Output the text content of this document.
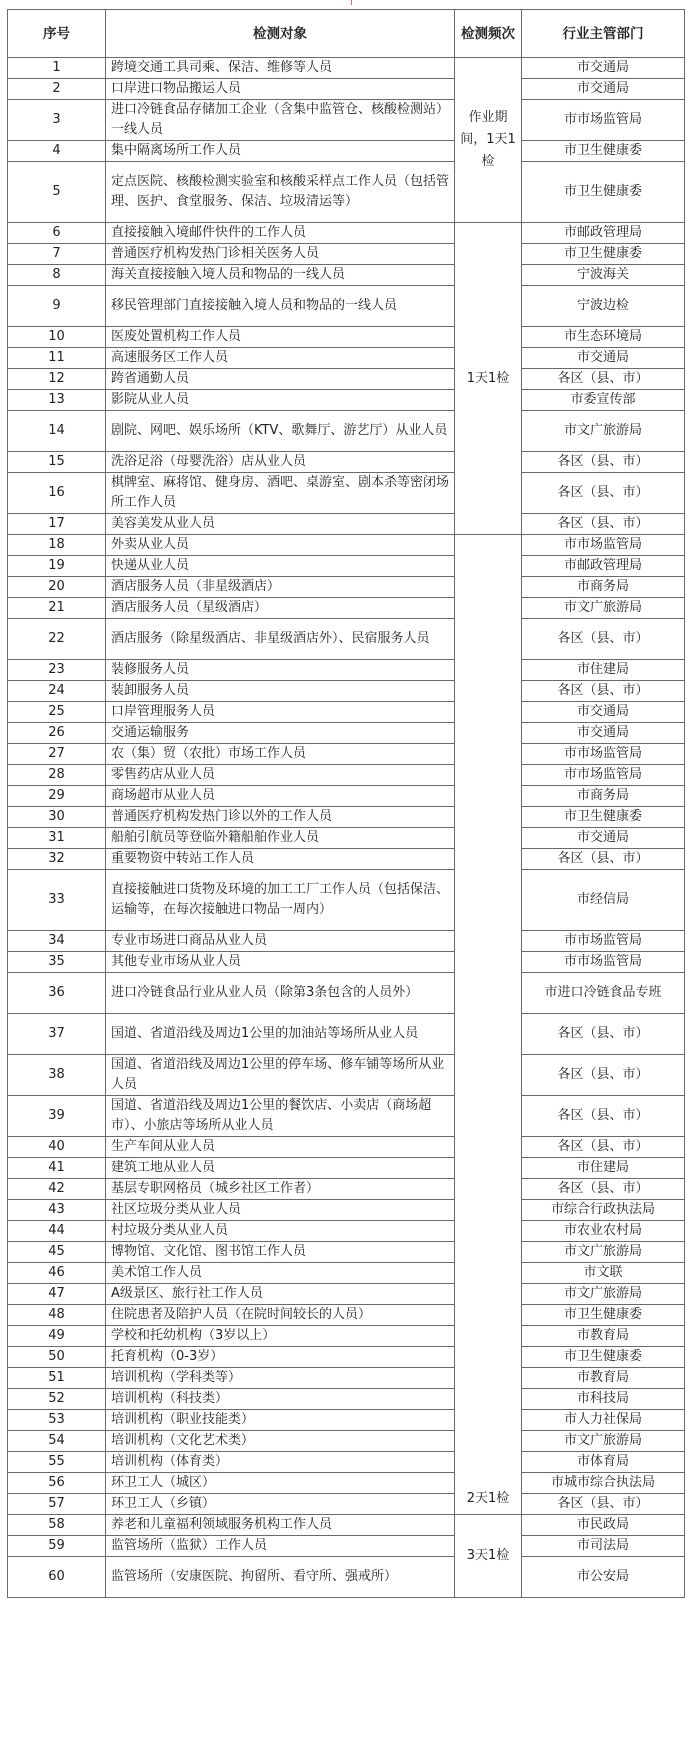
序号	检测对象	检测频次	行业主管部门
1	跨境交通工具司乘、保洁、维修等人员	作业期间，1天1检	市交通局
2	口岸进口物品搬运人员		市交通局
3	进口冷链食品存储加工企业（含集中监管仓、核酸检测站）一线人员		市市场监管局
4	集中隔离场所工作人员		市卫生健康委
5	定点医院、核酸检测实验室和核酸采样点工作人员（包括管理、医护、食堂服务、保洁、垃圾清运等）		市卫生健康委
6	直接接触入境邮件快件的工作人员	1天1检	市邮政管理局
7	普通医疗机构发热门诊相关医务人员		市卫生健康委
8	海关直接接触入境人员和物品的一线人员		宁波海关
9	移民管理部门直接接触入境人员和物品的一线人员		宁波边检
10	医废处置机构工作人员		市生态环境局
11	高速服务区工作人员		市交通局
12	跨省通勤人员		各区（县、市）
13	影院从业人员		市委宣传部
14	剧院、网吧、娱乐场所（KTV、歌舞厅、游艺厅）从业人员		市文广旅游局
15	洗浴足浴（母婴洗浴）店从业人员		各区（县、市）
16	棋牌室、麻将馆、健身房、酒吧、桌游室、剧本杀等密闭场所工作人员		各区（县、市）
17	美容美发从业人员		各区（县、市）
18	外卖从业人员	2天1检	市市场监管局
19	快递从业人员		市邮政管理局
20	酒店服务人员（非星级酒店）		市商务局
21	酒店服务人员（星级酒店）		市文广旅游局
22	酒店服务（除星级酒店、非星级酒店外）、民宿服务人员		各区（县、市）
23	装修服务人员		市住建局
24	装卸服务人员		各区（县、市）
25	口岸管理服务人员		市交通局
26	交通运输服务		市交通局
27	农（集）贸（农批）市场工作人员		市市场监管局
28	零售药店从业人员		市市场监管局
29	商场超市从业人员		市商务局
30	普通医疗机构发热门诊以外的工作人员		市卫生健康委
31	船舶引航员等登临外籍船舶作业人员		市交通局
32	重要物资中转站工作人员		各区（县、市）
33	直接接触进口货物及环境的加工工厂工作人员（包括保洁、运输等，在每次接触进口物品一周内）		市经信局
34	专业市场进口商品从业人员		市市场监管局
35	其他专业市场从业人员		市市场监管局
36	进口冷链食品行业从业人员（除第3条包含的人员外）		市进口冷链食品专班
37	国道、省道沿线及周边1公里的加油站等场所从业人员		各区（县、市）
38	国道、省道沿线及周边1公里的停车场、修车铺等场所从业人员		各区（县、市）
39	国道、省道沿线及周边1公里的餐饮店、小卖店（商场超市）、小旅店等场所从业人员		各区（县、市）
40	生产车间从业人员		各区（县、市）
41	建筑工地从业人员		市住建局
42	基层专职网格员（城乡社区工作者）		各区（县、市）
43	社区垃圾分类从业人员		市综合行政执法局
44	村垃圾分类从业人员		市农业农村局
45	博物馆、文化馆、图书馆工作人员		市文广旅游局
46	美术馆工作人员		市文联
47	A级景区、旅行社工作人员		市文广旅游局
48	住院患者及陪护人员（在院时间较长的人员）		市卫生健康委
49	学校和托幼机构（3岁以上）		市教育局
50	托育机构（0-3岁）		市卫生健康委
51	培训机构（学科类等）		市教育局
52	培训机构（科技类）		市科技局
53	培训机构（职业技能类）		市人力社保局
54	培训机构（文化艺术类）		市文广旅游局
55	培训机构（体育类）		市体育局
56	环卫工人（城区）		市城市综合执法局
57	环卫工人（乡镇）		各区（县、市）
58	养老和儿童福利领域服务机构工作人员	3天1检	市民政局
59	监管场所（监狱）工作人员		市司法局
60	监管场所（安康医院、拘留所、看守所、强戒所）		市公安局
